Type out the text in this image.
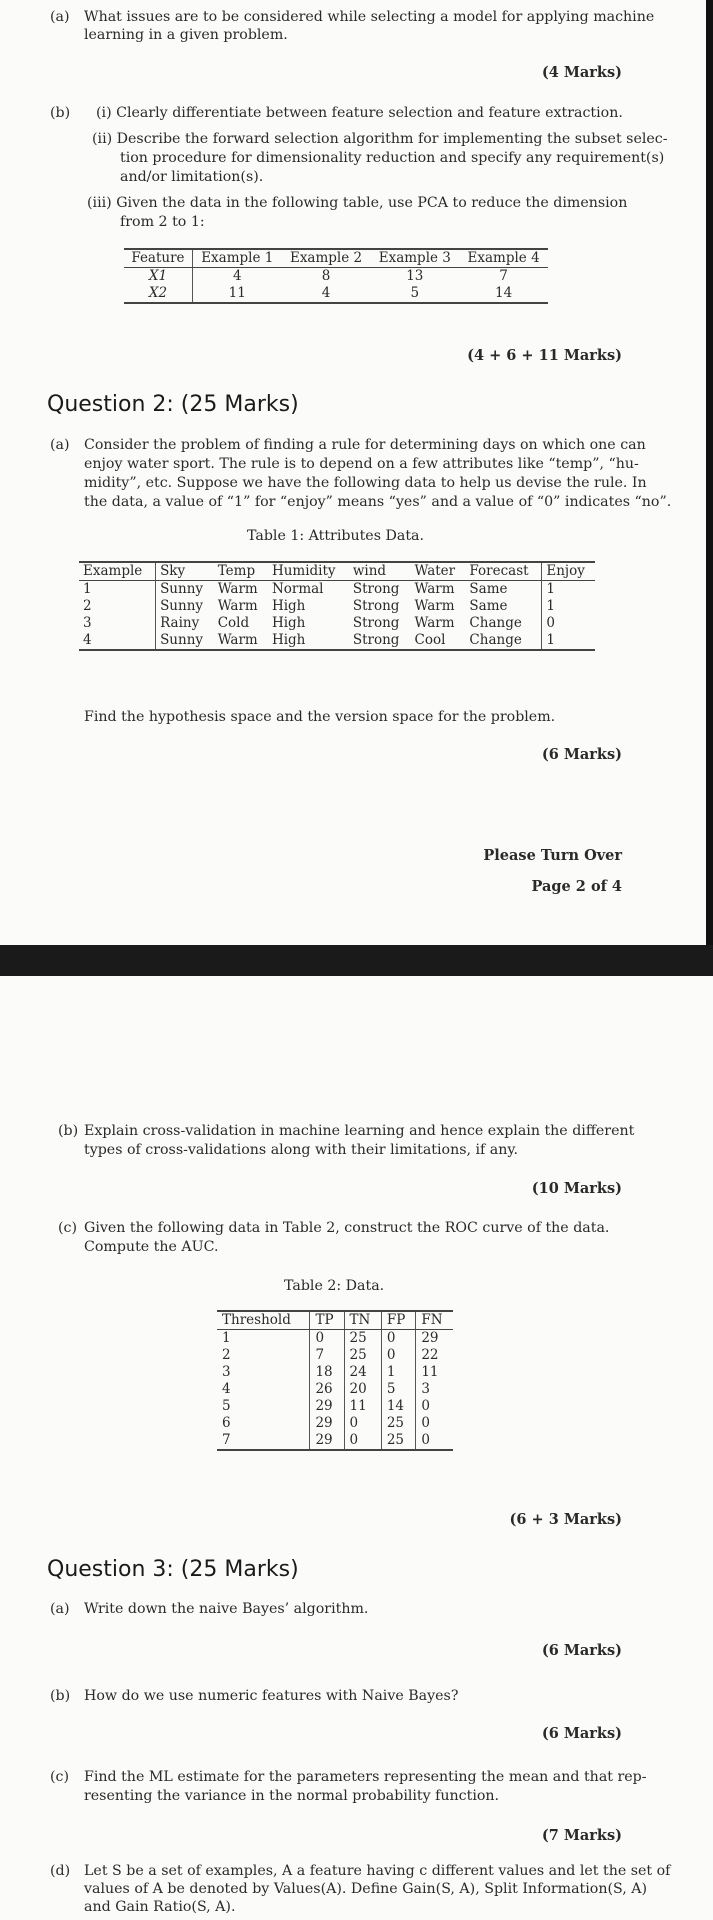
(a) What issues are to be considered while selecting a model for applying machine
learning in a given problem.
(4 Marks)
(b) (i) Clearly differentiate between feature selection and feature extraction.
(ii) Describe the forward selection algorithm for implementing the subset selec-
tion procedure for dimensionality reduction and specify any requirement(s)
and/or limitation(s).
(iii) Given the data in the following table, use PCA to reduce the dimension
from 2 to 1:
Feature	Example 1	Example 2	Example 3	Example 4
X1	4	8	13	7
X2	11	4	5	14
(4 + 6 + 11 Marks)
Question 2: (25 Marks)
(a) Consider the problem of finding a rule for determining days on which one can
enjoy water sport. The rule is to depend on a few attributes like “temp”, “hu-
midity”, etc. Suppose we have the following data to help us devise the rule. In
the data, a value of “1” for “enjoy” means “yes” and a value of “0” indicates “no”.
Table 1: Attributes Data.
Example	Sky	Temp	Humidity	wind	Water	Forecast	Enjoy
1	Sunny	Warm	Normal	Strong	Warm	Same	1
2	Sunny	Warm	High	Strong	Warm	Same	1
3	Rainy	Cold	High	Strong	Warm	Change	0
4	Sunny	Warm	High	Strong	Cool	Change	1
Find the hypothesis space and the version space for the problem.
(6 Marks)
Please Turn Over
Page 2 of 4
(b) Explain cross-validation in machine learning and hence explain the different
types of cross-validations along with their limitations, if any.
(10 Marks)
(c) Given the following data in Table 2, construct the ROC curve of the data.
Compute the AUC.
Table 2: Data.
Threshold	TP	TN	FP	FN
1	0	25	0	29
2	7	25	0	22
3	18	24	1	11
4	26	20	5	3
5	29	11	14	0
6	29	0	25	0
7	29	0	25	0
(6 + 3 Marks)
Question 3: (25 Marks)
(a) Write down the naive Bayes’ algorithm.
(6 Marks)
(b) How do we use numeric features with Naive Bayes?
(6 Marks)
(c) Find the ML estimate for the parameters representing the mean and that rep-
resenting the variance in the normal probability function.
(7 Marks)
(d) Let S be a set of examples, A a feature having c different values and let the set of
values of A be denoted by Values(A). Define Gain(S, A), Split Information(S, A)
and Gain Ratio(S, A).
